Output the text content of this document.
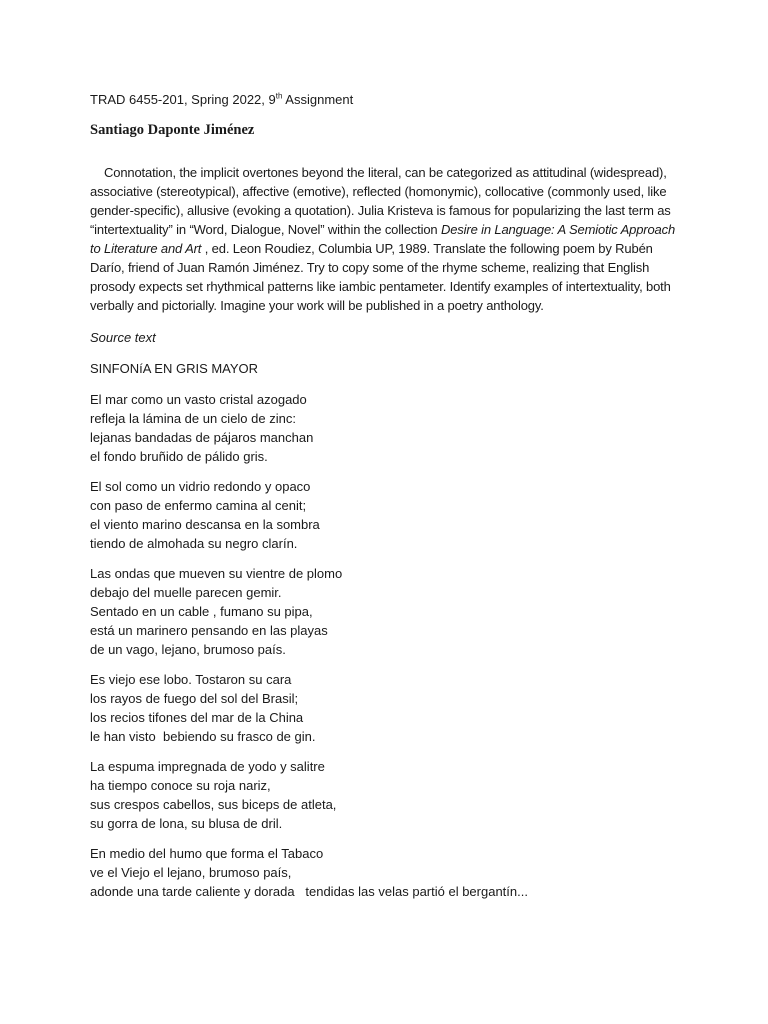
TRAD 6455-201, Spring 2022, 9th Assignment
Santiago Daponte Jiménez

Connotation, the implicit overtones beyond the literal, can be categorized as attitudinal (widespread), associative (stereotypical), affective (emotive), reflected (homonymic), collocative (commonly used, like gender-specific), allusive (evoking a quotation). Julia Kristeva is famous for popularizing the last term as “intertextuality” in “Word, Dialogue, Novel” within the collection Desire in Language: A Semiotic Approach to Literature and Art , ed. Leon Roudiez, Columbia UP, 1989. Translate the following poem by Rubén Darío, friend of Juan Ramón Jiménez. Try to copy some of the rhyme scheme, realizing that English prosody expects set rhythmical patterns like iambic pentameter. Identify examples of intertextuality, both verbally and pictorially. Imagine your work will be published in a poetry anthology.

Source text
SINFONíA EN GRIS MAYOR
El mar como un vasto cristal azogado
refleja la lámina de un cielo de zinc:
lejanas bandadas de pájaros manchan
el fondo bruñido de pálido gris.
El sol como un vidrio redondo y opaco
con paso de enfermo camina al cenit;
el viento marino descansa en la sombra
tiendo de almohada su negro clarín.
Las ondas que mueven su vientre de plomo
debajo del muelle parecen gemir.
Sentado en un cable , fumano su pipa,
está un marinero pensando en las playas
de un vago, lejano, brumoso país.
Es viejo ese lobo. Tostaron su cara
los rayos de fuego del sol del Brasil;
los recios tifones del mar de la China
le han visto  bebiendo su frasco de gin.
La espuma impregnada de yodo y salitre
ha tiempo conoce su roja nariz,
sus crespos cabellos, sus biceps de atleta,
su gorra de lona, su blusa de dril.
En medio del humo que forma el Tabaco
ve el Viejo el lejano, brumoso país,
adonde una tarde caliente y dorada   tendidas las velas partió el bergantín...
